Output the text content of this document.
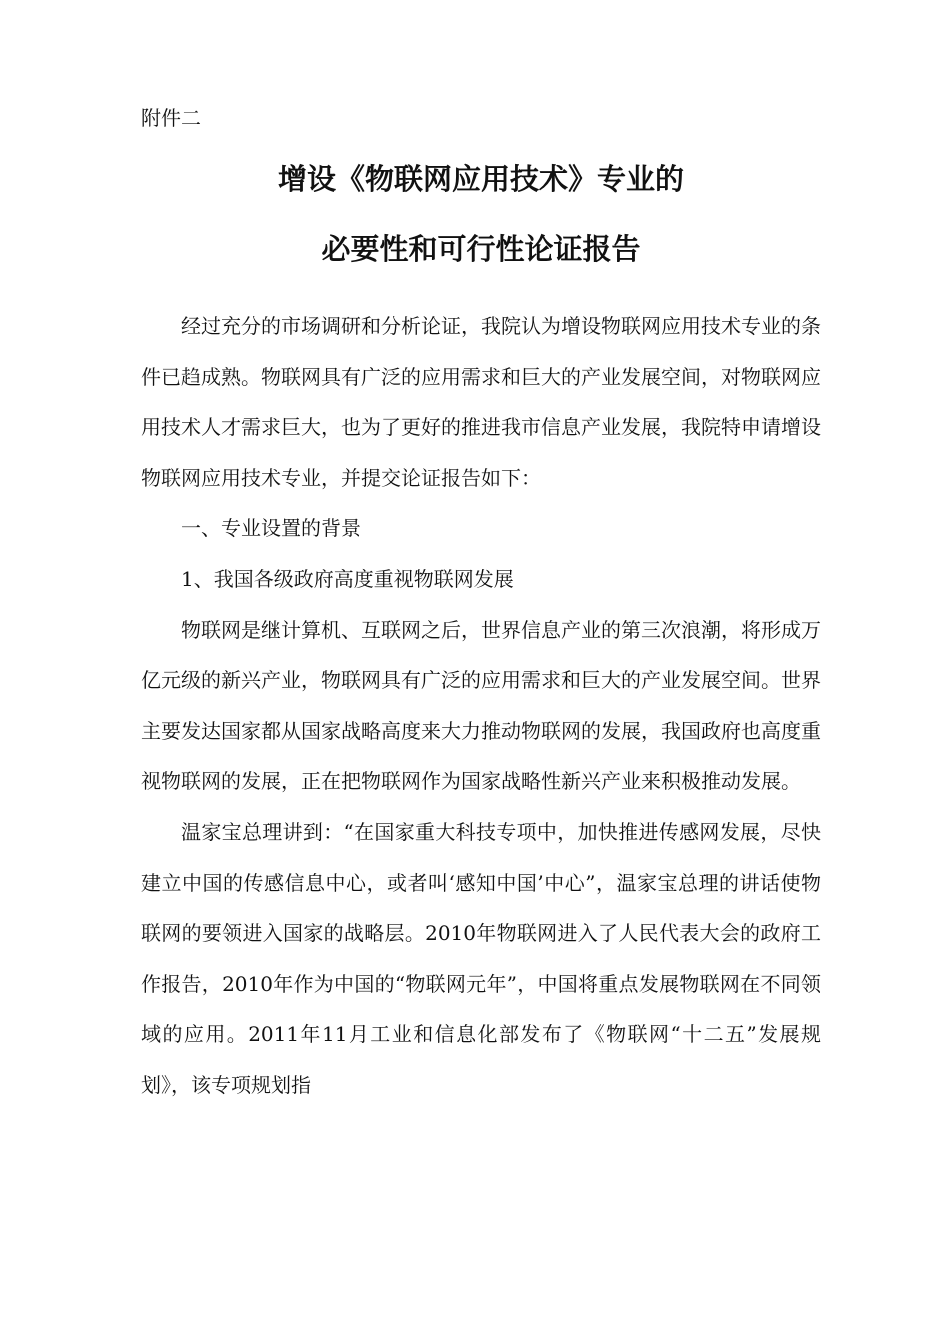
附件二
增设《物联网应用技术》专业的
必要性和可行性论证报告

经过充分的市场调研和分析论证，我院认为增设物联网应用技术专业的条件已趋成熟。物联网具有广泛的应用需求和巨大的产业发展空间，对物联网应用技术人才需求巨大，也为了更好的推进我市信息产业发展，我院特申请增设物联网应用技术专业，并提交论证报告如下：

一、专业设置的背景

1、我国各级政府高度重视物联网发展

物联网是继计算机、互联网之后，世界信息产业的第三次浪潮，将形成万亿元级的新兴产业，物联网具有广泛的应用需求和巨大的产业发展空间。世界主要发达国家都从国家战略高度来大力推动物联网的发展，我国政府也高度重视物联网的发展，正在把物联网作为国家战略性新兴产业来积极推动发展。

温家宝总理讲到：“在国家重大科技专项中，加快推进传感网发展，尽快建立中国的传感信息中心，或者叫‘感知中国’中心”，温家宝总理的讲话使物联网的要领进入国家的战略层。2010年物联网进入了人民代表大会的政府工作报告，2010年作为中国的“物联网元年”，中国将重点发展物联网在不同领域的应用。2011年11月工业和信息化部发布了《物联网“十二五”发展规划》，该专项规划指
